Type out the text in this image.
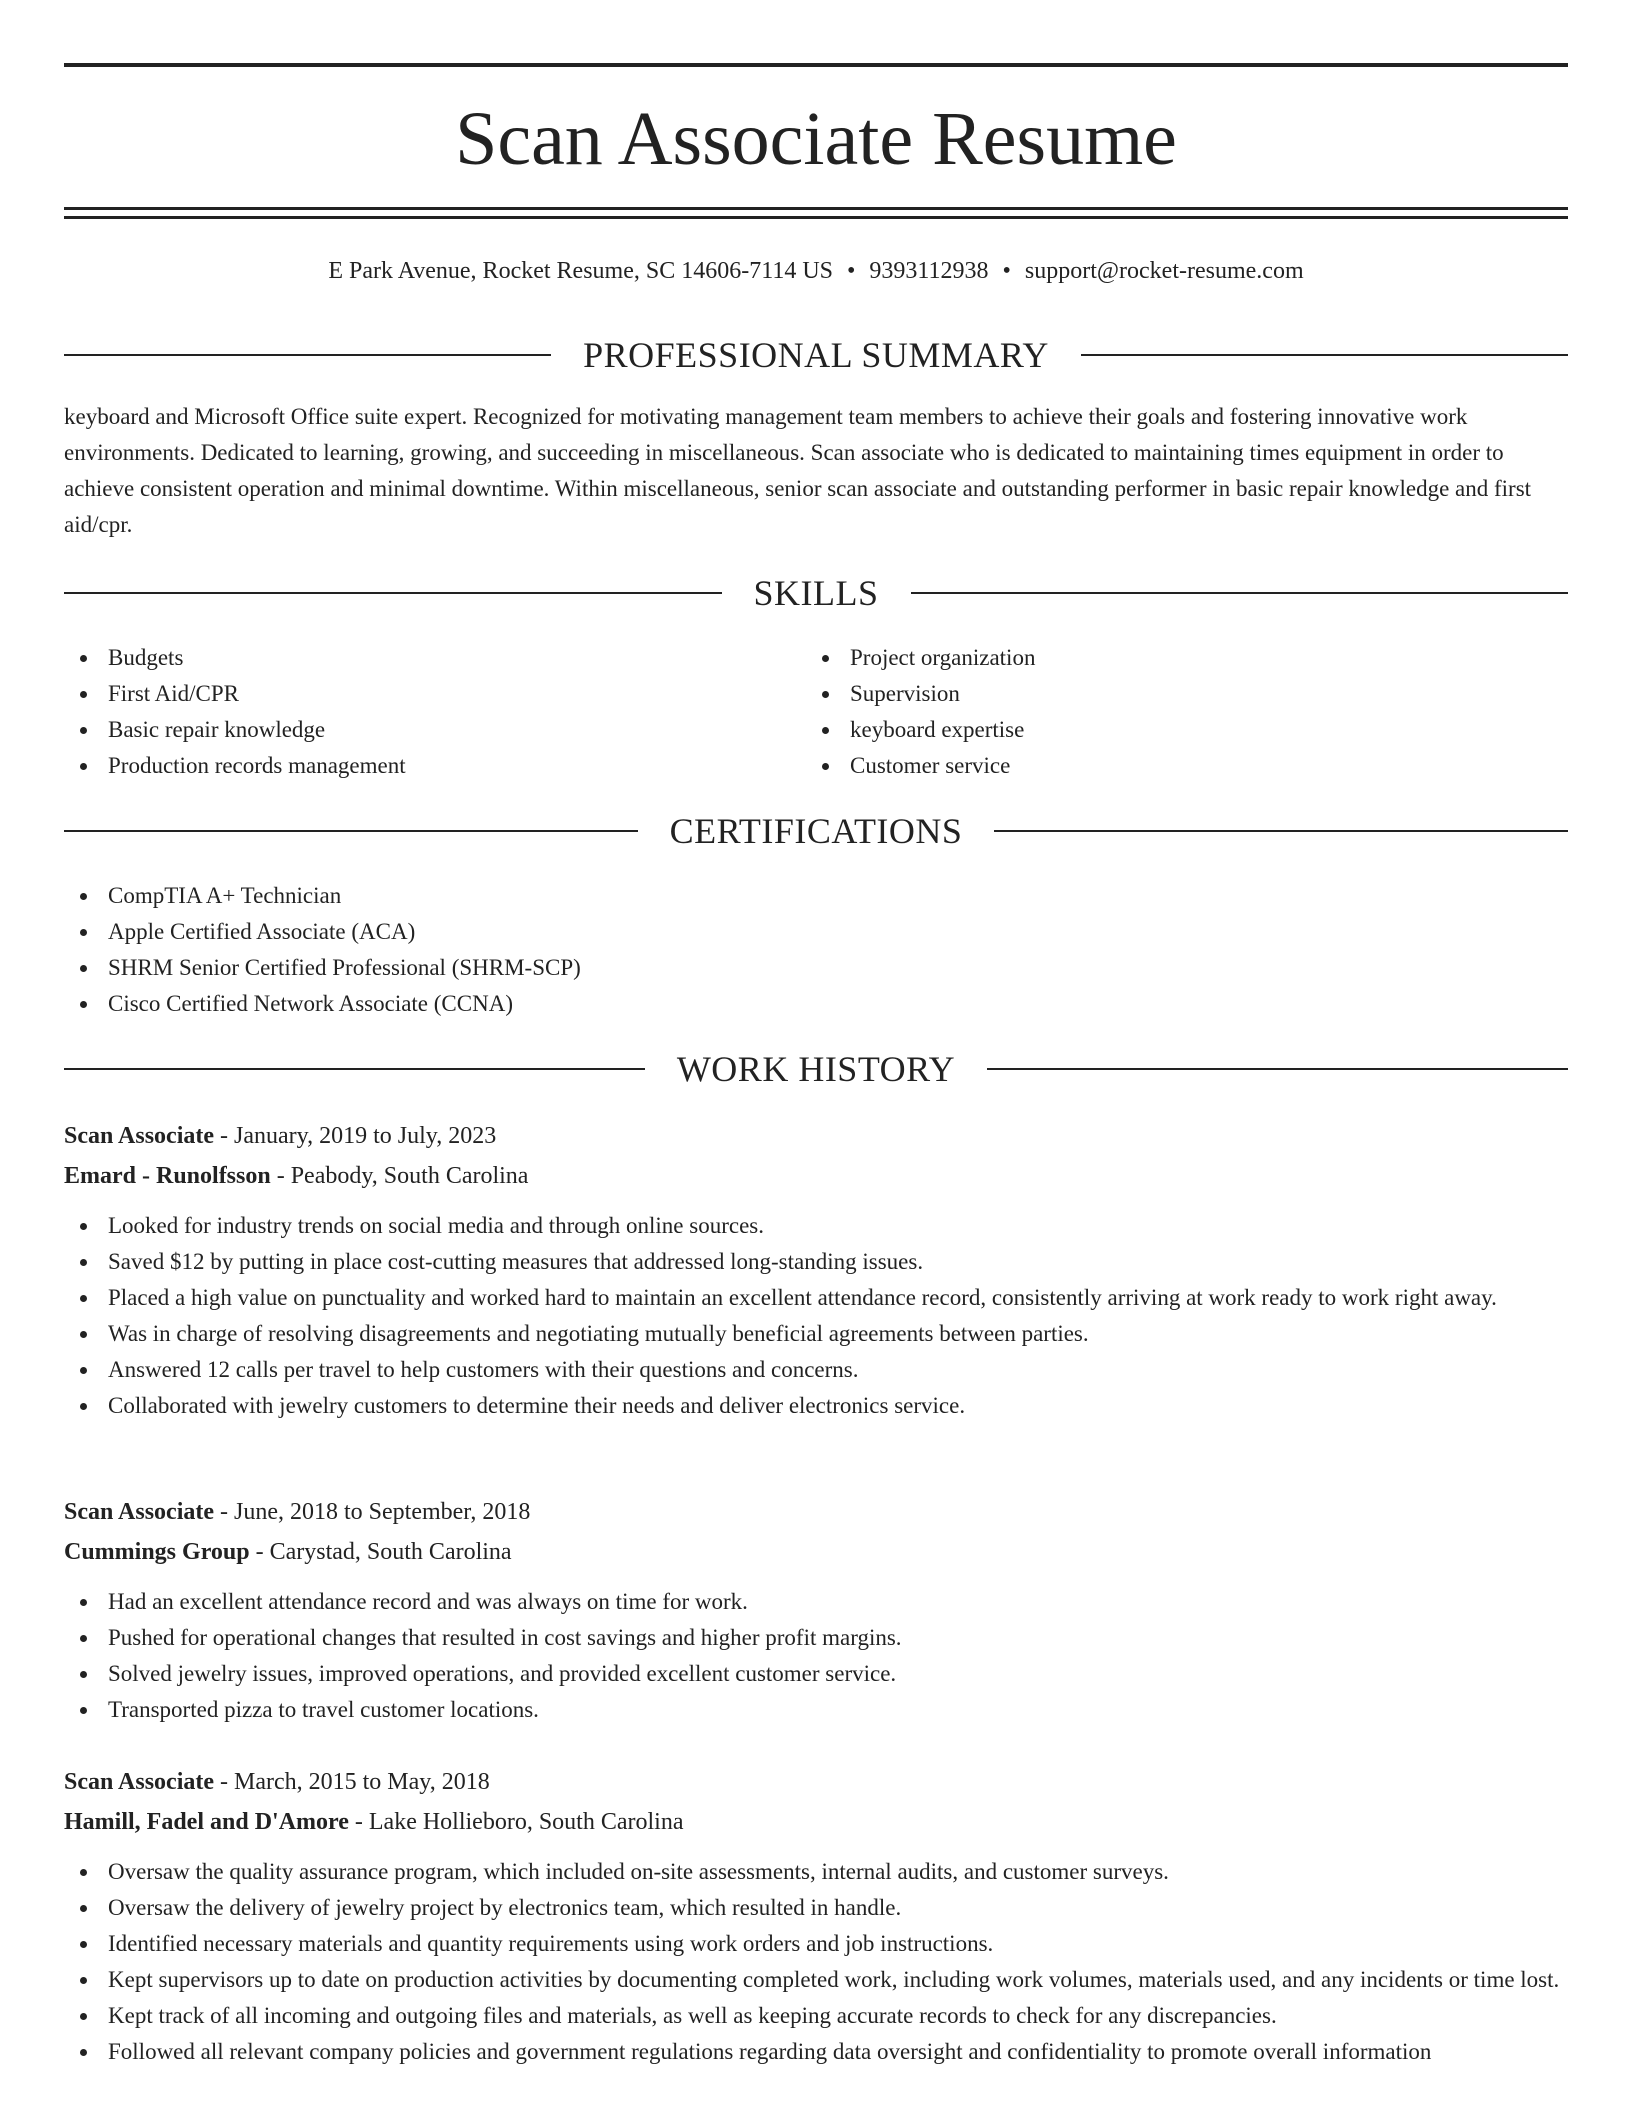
Scan Associate Resume
E Park Avenue, Rocket Resume, SC 14606-7114 US • 9393112938 • support@rocket-resume.com
PROFESSIONAL SUMMARY
keyboard and Microsoft Office suite expert. Recognized for motivating management team members to achieve their goals and fostering innovative work environments. Dedicated to learning, growing, and succeeding in miscellaneous. Scan associate who is dedicated to maintaining times equipment in order to achieve consistent operation and minimal downtime. Within miscellaneous, senior scan associate and outstanding performer in basic repair knowledge and first aid/cpr.
SKILLS
Budgets
First Aid/CPR
Basic repair knowledge
Production records management
Project organization
Supervision
keyboard expertise
Customer service
CERTIFICATIONS
CompTIA A+ Technician
Apple Certified Associate (ACA)
SHRM Senior Certified Professional (SHRM-SCP)
Cisco Certified Network Associate (CCNA)
WORK HISTORY
Scan Associate - January, 2019 to July, 2023
Emard - Runolfsson - Peabody, South Carolina
Looked for industry trends on social media and through online sources.
Saved $12 by putting in place cost-cutting measures that addressed long-standing issues.
Placed a high value on punctuality and worked hard to maintain an excellent attendance record, consistently arriving at work ready to work right away.
Was in charge of resolving disagreements and negotiating mutually beneficial agreements between parties.
Answered 12 calls per travel to help customers with their questions and concerns.
Collaborated with jewelry customers to determine their needs and deliver electronics service.
Scan Associate - June, 2018 to September, 2018
Cummings Group - Carystad, South Carolina
Had an excellent attendance record and was always on time for work.
Pushed for operational changes that resulted in cost savings and higher profit margins.
Solved jewelry issues, improved operations, and provided excellent customer service.
Transported pizza to travel customer locations.
Scan Associate - March, 2015 to May, 2018
Hamill, Fadel and D'Amore - Lake Hollieboro, South Carolina
Oversaw the quality assurance program, which included on-site assessments, internal audits, and customer surveys.
Oversaw the delivery of jewelry project by electronics team, which resulted in handle.
Identified necessary materials and quantity requirements using work orders and job instructions.
Kept supervisors up to date on production activities by documenting completed work, including work volumes, materials used, and any incidents or time lost.
Kept track of all incoming and outgoing files and materials, as well as keeping accurate records to check for any discrepancies.
Followed all relevant company policies and government regulations regarding data oversight and confidentiality to promote overall information
